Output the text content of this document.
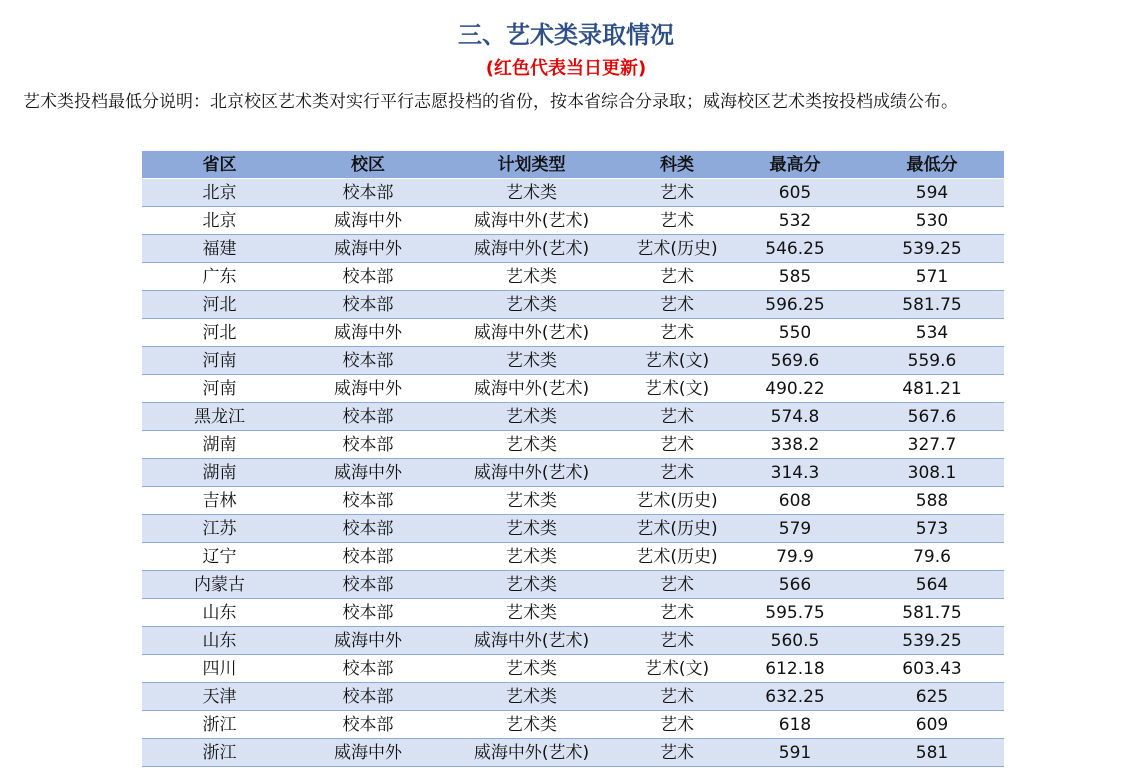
三、艺术类录取情况
(红色代表当日更新)
艺术类投档最低分说明：北京校区艺术类对实行平行志愿投档的省份，按本省综合分录取；威海校区艺术类按投档成绩公布。
省区	校区	计划类型	科类	最高分	最低分
北京	校本部	艺术类	艺术	605	594
北京	威海中外	威海中外(艺术)	艺术	532	530
福建	威海中外	威海中外(艺术)	艺术(历史)	546.25	539.25
广东	校本部	艺术类	艺术	585	571
河北	校本部	艺术类	艺术	596.25	581.75
河北	威海中外	威海中外(艺术)	艺术	550	534
河南	校本部	艺术类	艺术(文)	569.6	559.6
河南	威海中外	威海中外(艺术)	艺术(文)	490.22	481.21
黑龙江	校本部	艺术类	艺术	574.8	567.6
湖南	校本部	艺术类	艺术	338.2	327.7
湖南	威海中外	威海中外(艺术)	艺术	314.3	308.1
吉林	校本部	艺术类	艺术(历史)	608	588
江苏	校本部	艺术类	艺术(历史)	579	573
辽宁	校本部	艺术类	艺术(历史)	79.9	79.6
内蒙古	校本部	艺术类	艺术	566	564
山东	校本部	艺术类	艺术	595.75	581.75
山东	威海中外	威海中外(艺术)	艺术	560.5	539.25
四川	校本部	艺术类	艺术(文)	612.18	603.43
天津	校本部	艺术类	艺术	632.25	625
浙江	校本部	艺术类	艺术	618	609
浙江	威海中外	威海中外(艺术)	艺术	591	581
